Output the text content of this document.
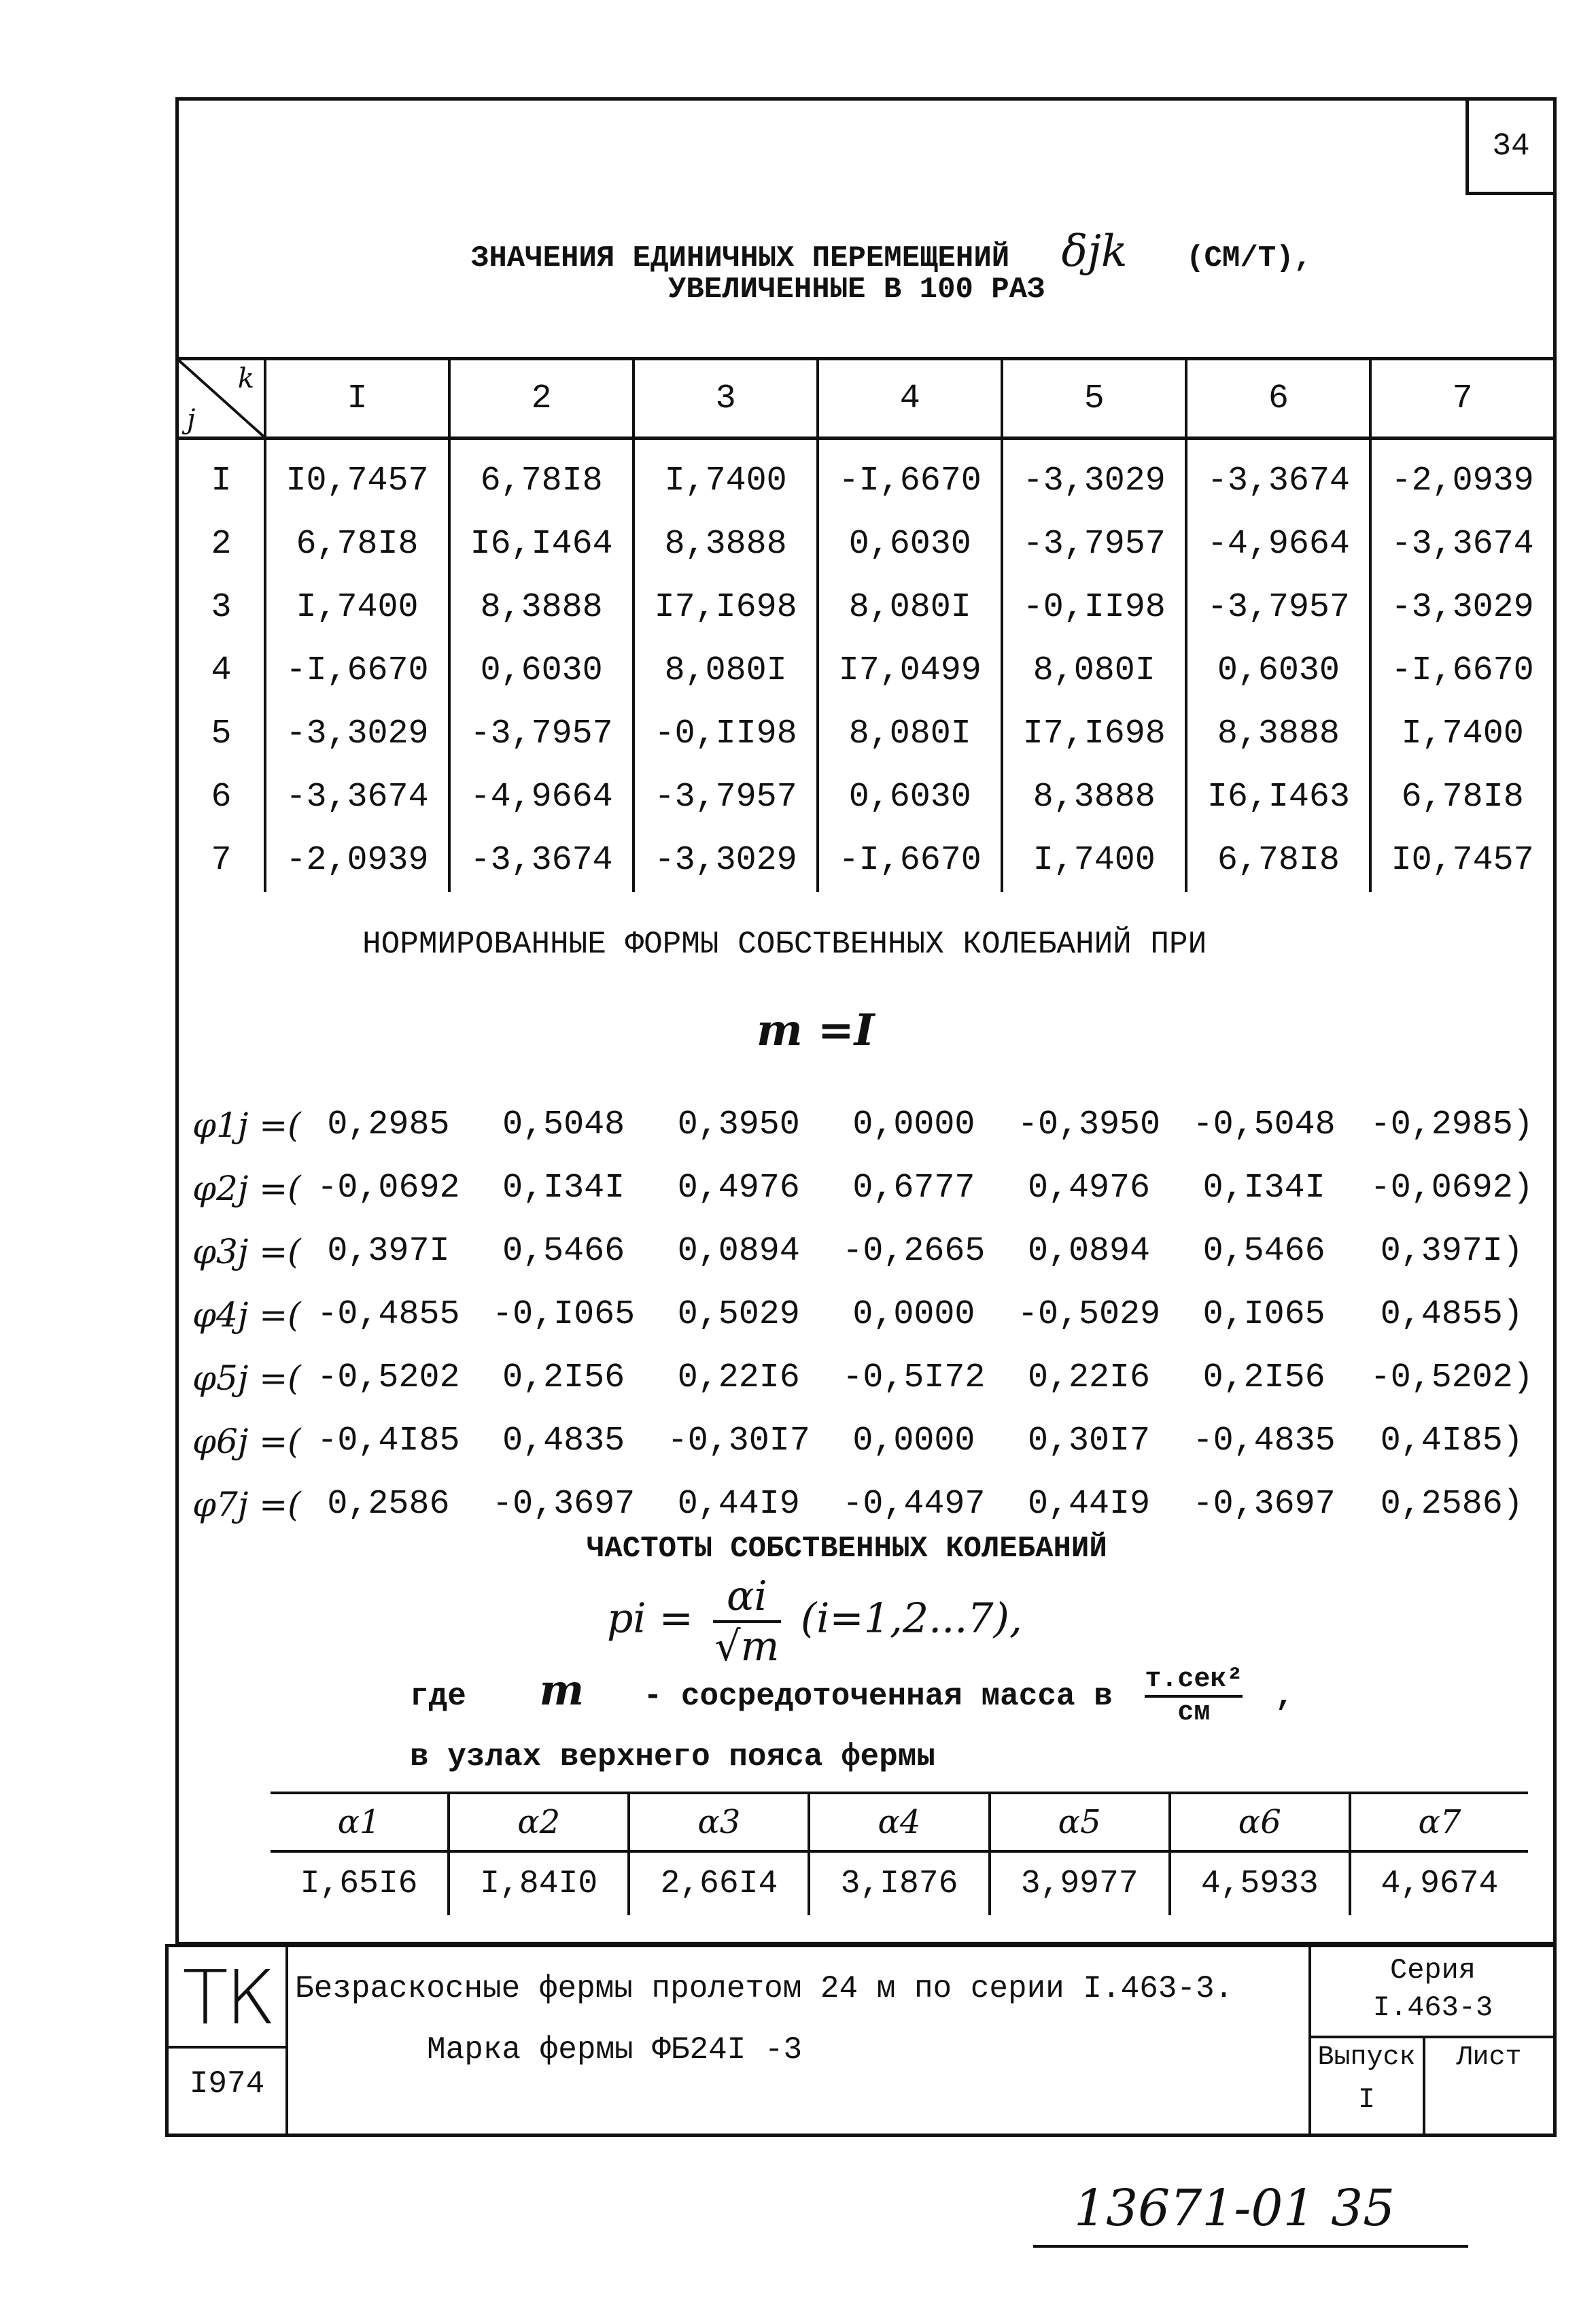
34
ЗНАЧЕНИЯ ЕДИНИЧНЫХ ПЕРЕМЕЩЕНИЙ δjk (СМ/Т),
УВЕЛИЧЕННЫЕ В 100 РАЗ
k
j	I	2	3	4	5	6	7
I	I0,7457	6,78I8	I,7400	-I,6670	-3,3029	-3,3674	-2,0939
2	6,78I8	I6,I464	8,3888	0,6030	-3,7957	-4,9664	-3,3674
3	I,7400	8,3888	I7,I698	8,080I	-0,II98	-3,7957	-3,3029
4	-I,6670	0,6030	8,080I	I7,0499	8,080I	0,6030	-I,6670
5	-3,3029	-3,7957	-0,II98	8,080I	I7,I698	8,3888	I,7400
6	-3,3674	-4,9664	-3,7957	0,6030	8,3888	I6,I463	6,78I8
7	-2,0939	-3,3674	-3,3029	-I,6670	I,7400	6,78I8	I0,7457
НОРМИРОВАННЫЕ ФОРМЫ СОБСТВЕННЫХ КОЛЕБАНИЙ ПРИ
m =I
φ1j =(	0,2985	0,5048	0,3950	0,0000	-0,3950	-0,5048	-0,2985)
φ2j =(	-0,0692	0,I34I	0,4976	0,6777	0,4976	0,I34I	-0,0692)
φ3j =(	0,397I	0,5466	0,0894	-0,2665	0,0894	0,5466	0,397I)
φ4j =(	-0,4855	-0,I065	0,5029	0,0000	-0,5029	0,I065	0,4855)
φ5j =(	-0,5202	0,2I56	0,22I6	-0,5I72	0,22I6	0,2I56	-0,5202)
φ6j =(	-0,4I85	0,4835	-0,30I7	0,0000	0,30I7	-0,4835	0,4I85)
φ7j =(	0,2586	-0,3697	0,44I9	-0,4497	0,44I9	-0,3697	0,2586)
ЧАСТОТЫ СОБСТВЕННЫХ КОЛЕБАНИЙ
pi = $\frac{\alpha i}{√m} (i=1,2...7)$,
где m - сосредоточенная масса в т.сек²
см	,
в узлах верхнего пояса фермы
α1	α2	α3	α4	α5	α6	α7
I,65I6	I,84I0	2,66I4	3,I876	3,9977	4,5933	4,9674
ТК
I974
Безраскосные фермы пролетом 24 м по серии I.463-3.
Марка фермы ФБ24I -3
Серия
I.463-3
Выпуск
I
Лист
13671-01 35
